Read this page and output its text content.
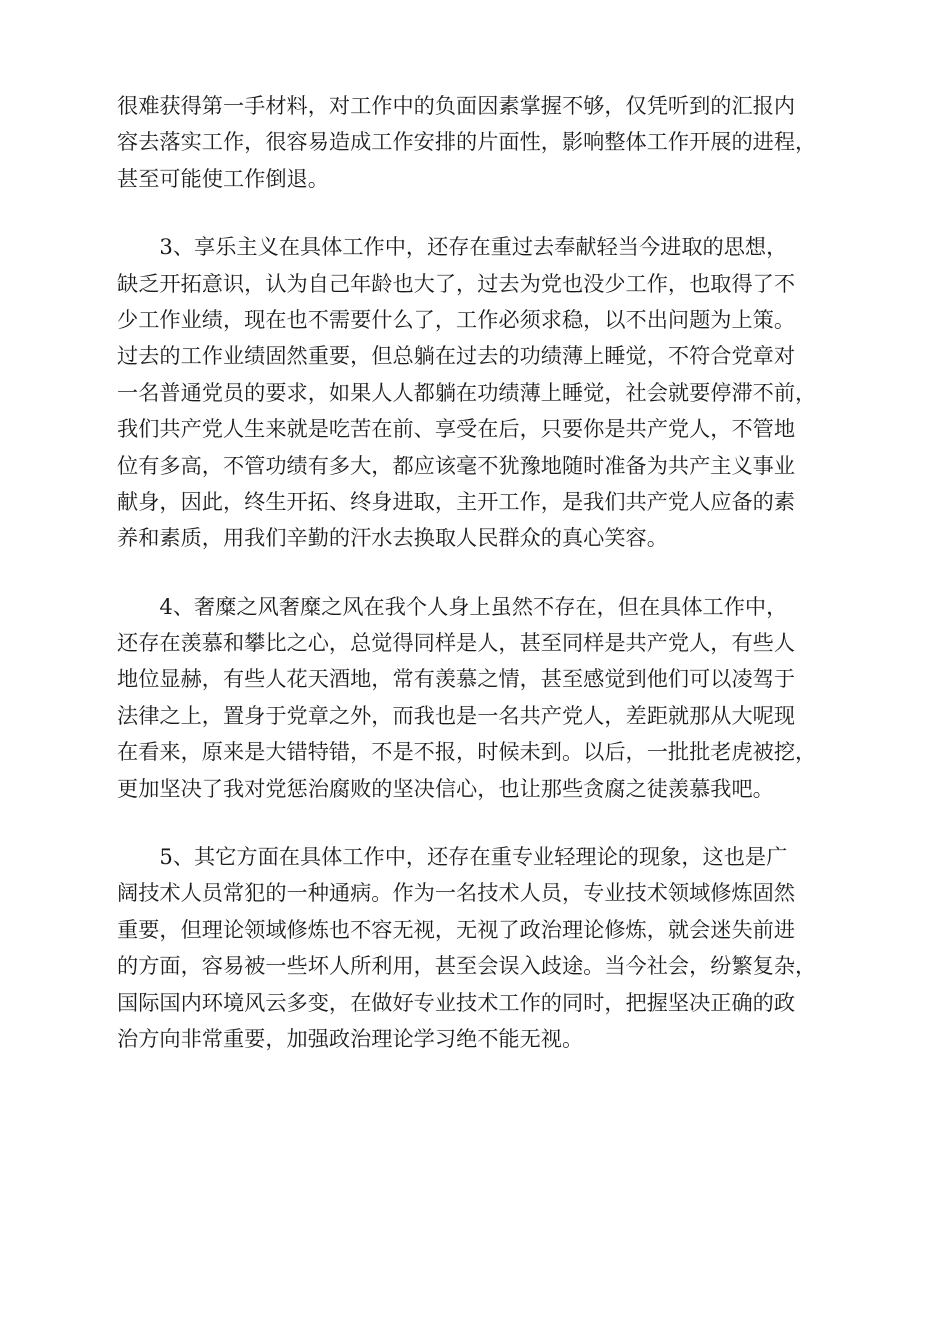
很难获得第一手材料，对工作中的负面因素掌握不够，仅凭听到的汇报内
容去落实工作，很容易造成工作安排的片面性，影响整体工作开展的进程，
甚至可能使工作倒退。

　　3、享乐主义在具体工作中，还存在重过去奉献轻当今进取的思想，
缺乏开拓意识，认为自己年龄也大了，过去为党也没少工作，也取得了不
少工作业绩，现在也不需要什么了，工作必须求稳，以不出问题为上策。
过去的工作业绩固然重要，但总躺在过去的功绩薄上睡觉，不符合党章对
一名普通党员的要求，如果人人都躺在功绩薄上睡觉，社会就要停滞不前，
我们共产党人生来就是吃苦在前、享受在后，只要你是共产党人，不管地
位有多高，不管功绩有多大，都应该毫不犹豫地随时准备为共产主义事业
献身，因此，终生开拓、终身进取，主开工作，是我们共产党人应备的素
养和素质，用我们辛勤的汗水去换取人民群众的真心笑容。

　　4、奢糜之风奢糜之风在我个人身上虽然不存在，但在具体工作中，
还存在羡慕和攀比之心，总觉得同样是人，甚至同样是共产党人，有些人
地位显赫，有些人花天酒地，常有羡慕之情，甚至感觉到他们可以凌驾于
法律之上，置身于党章之外，而我也是一名共产党人，差距就那从大呢现
在看来，原来是大错特错，不是不报，时候未到。以后，一批批老虎被挖，
更加坚决了我对党惩治腐败的坚决信心，也让那些贪腐之徒羡慕我吧。

　　5、其它方面在具体工作中，还存在重专业轻理论的现象，这也是广
阔技术人员常犯的一种通病。作为一名技术人员，专业技术领域修炼固然
重要，但理论领域修炼也不容无视，无视了政治理论修炼，就会迷失前进
的方面，容易被一些坏人所利用，甚至会误入歧途。当今社会，纷繁复杂，
国际国内环境风云多变，在做好专业技术工作的同时，把握坚决正确的政
治方向非常重要，加强政治理论学习绝不能无视。
